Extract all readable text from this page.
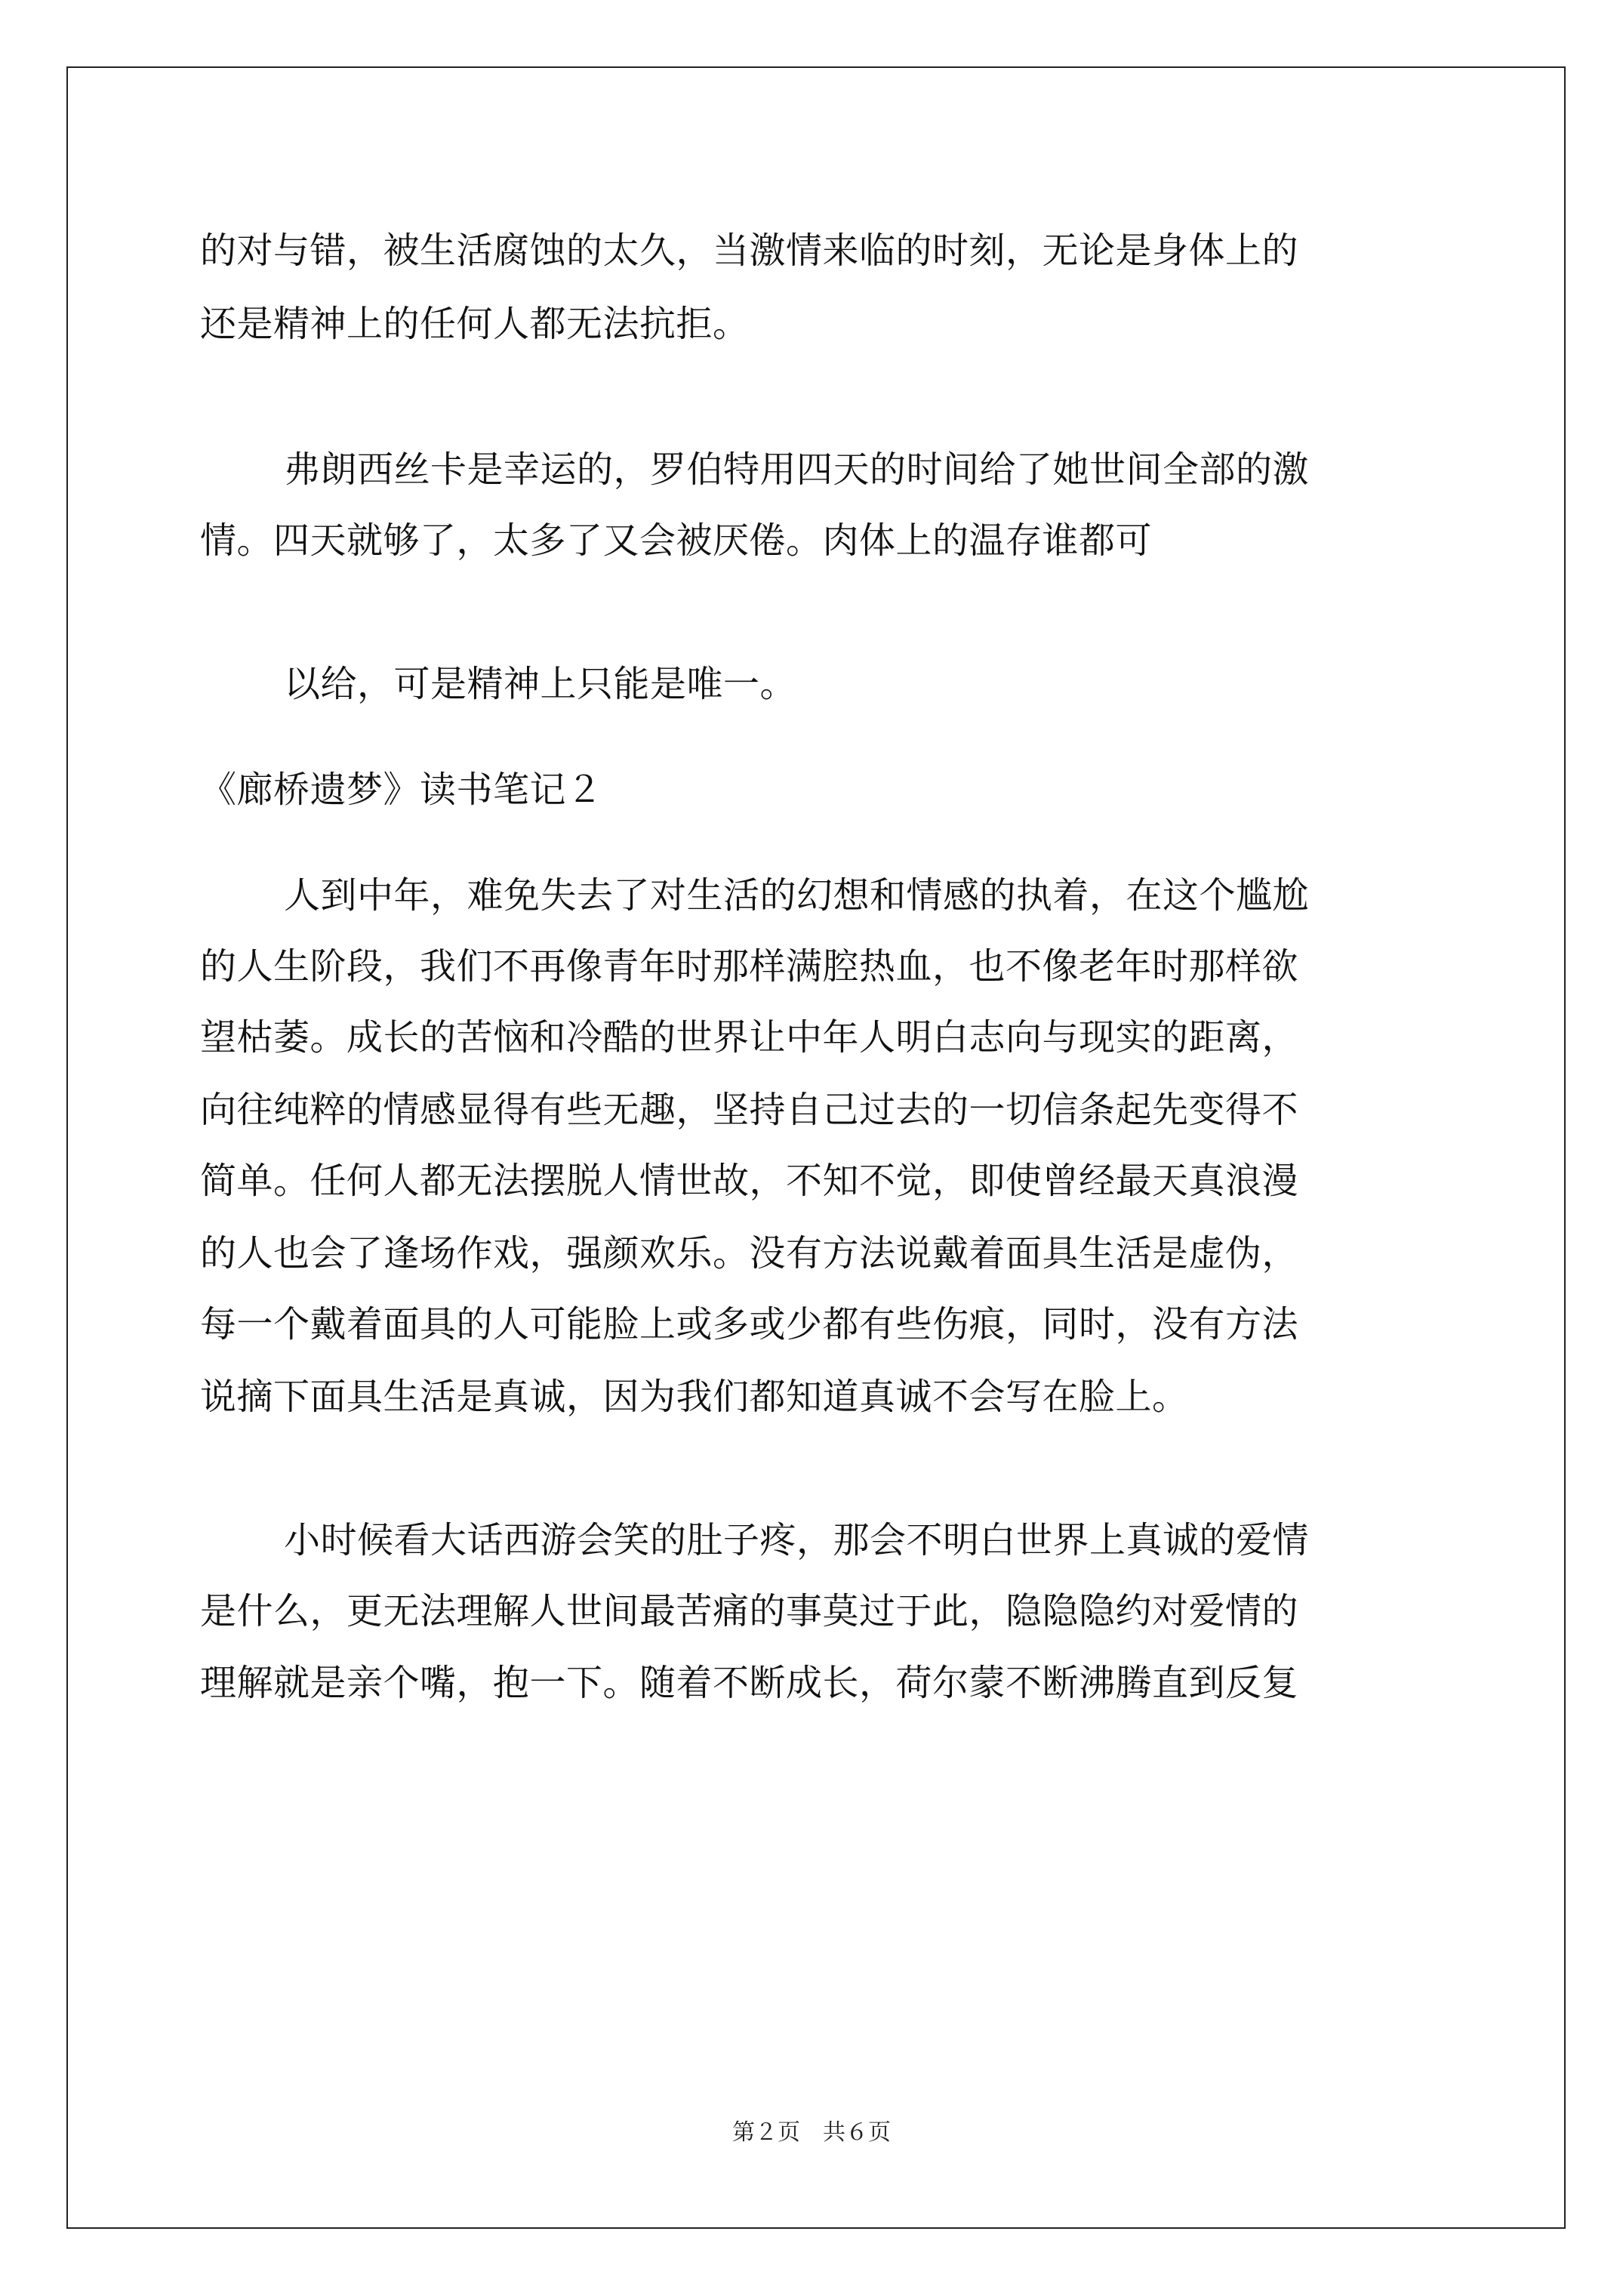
的对与错，被生活腐蚀的太久，当激情来临的时刻，无论是身体上的
还是精神上的任何人都无法抗拒。
弗朗西丝卡是幸运的，罗伯特用四天的时间给了她世间全部的激
情。四天就够了，太多了又会被厌倦。肉体上的温存谁都可
以给，可是精神上只能是唯一。
《廊桥遗梦》读书笔记２
人到中年，难免失去了对生活的幻想和情感的执着，在这个尴尬
的人生阶段，我们不再像青年时那样满腔热血，也不像老年时那样欲
望枯萎。成长的苦恼和冷酷的世界让中年人明白志向与现实的距离，
向往纯粹的情感显得有些无趣，坚持自己过去的一切信条起先变得不
简单。任何人都无法摆脱人情世故，不知不觉，即使曾经最天真浪漫
的人也会了逢场作戏，强颜欢乐。没有方法说戴着面具生活是虚伪，
每一个戴着面具的人可能脸上或多或少都有些伤痕，同时，没有方法
说摘下面具生活是真诚，因为我们都知道真诚不会写在脸上。
小时候看大话西游会笑的肚子疼，那会不明白世界上真诚的爱情
是什么，更无法理解人世间最苦痛的事莫过于此，隐隐隐约对爱情的
理解就是亲个嘴，抱一下。随着不断成长，荷尔蒙不断沸腾直到反复
第２页　共６页
